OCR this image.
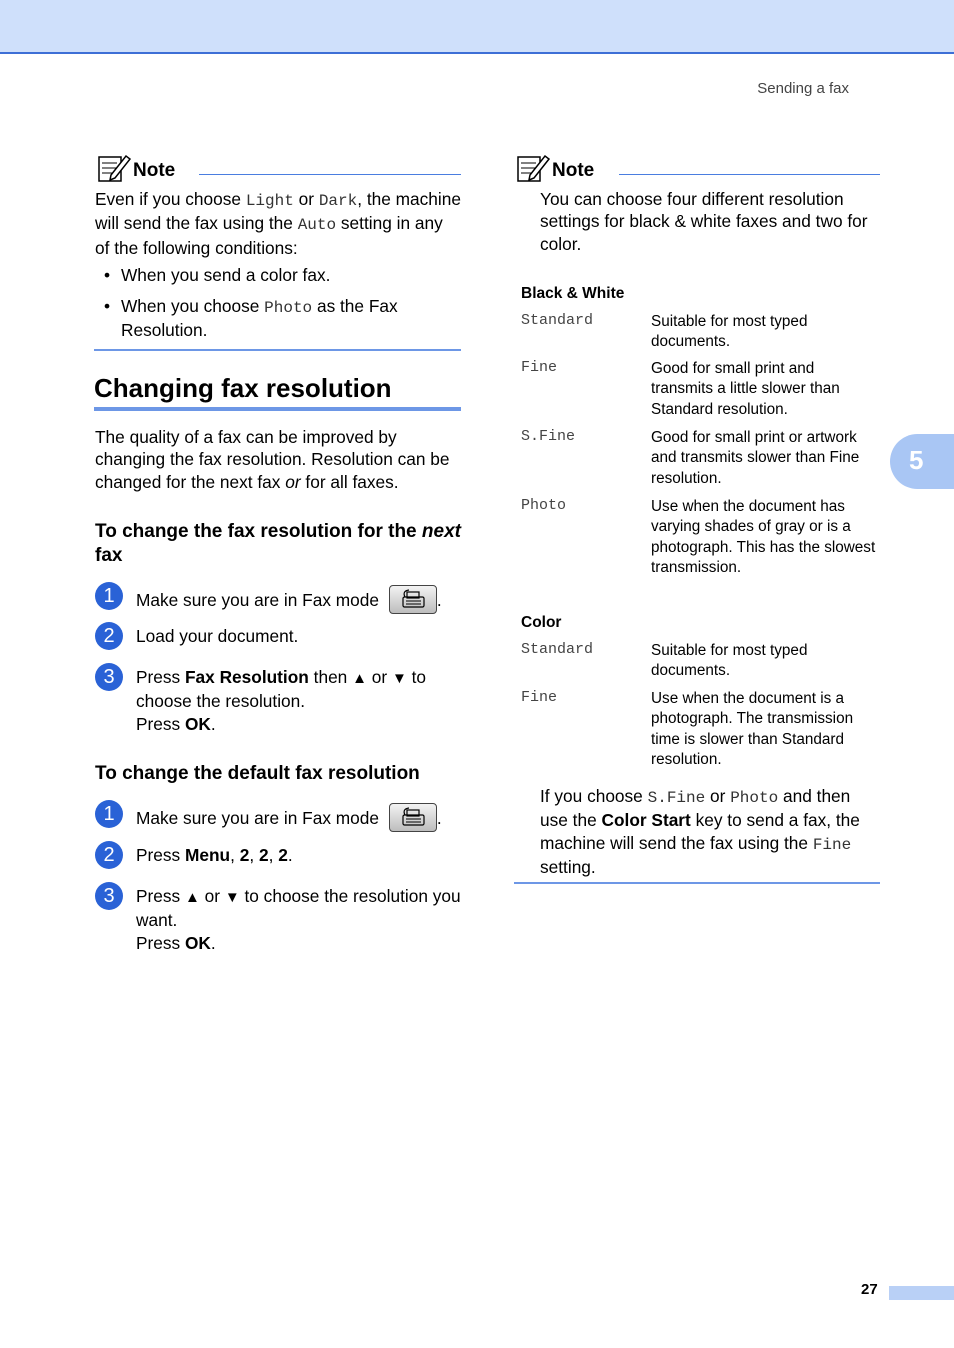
Sending a fax
Note
Even if you choose Light or Dark, the machine will send the fax using the Auto setting in any of the following conditions:
• When you send a color fax.
• When you choose Photo as the Fax Resolution.
Changing fax resolution
The quality of a fax can be improved by changing the fax resolution. Resolution can be changed for the next fax or for all faxes.
To change the fax resolution for the next fax
1	Make sure you are in Fax mode	.
2	Load your document.
3	Press Fax Resolution then ▲ or ▼ to choose the resolution.
Press OK.
To change the default fax resolution
1	Make sure you are in Fax mode	.
2	Press Menu, 2, 2, 2.
3	Press ▲ or ▼ to choose the resolution you want.
Press OK.
Note
You can choose four different resolution settings for black & white faxes and two for color.
Black & White
Standard	Suitable for most typed documents.
Fine	Good for small print and transmits a little slower than Standard resolution.
S.Fine	Good for small print or artwork and transmits slower than Fine resolution.
Photo	Use when the document has varying shades of gray or is a photograph. This has the slowest transmission.
Color
Standard	Suitable for most typed documents.
Fine	Use when the document is a photograph. The transmission time is slower than Standard resolution.
If you choose S.Fine or Photo and then use the Color Start key to send a fax, the machine will send the fax using the Fine setting.
5
27
